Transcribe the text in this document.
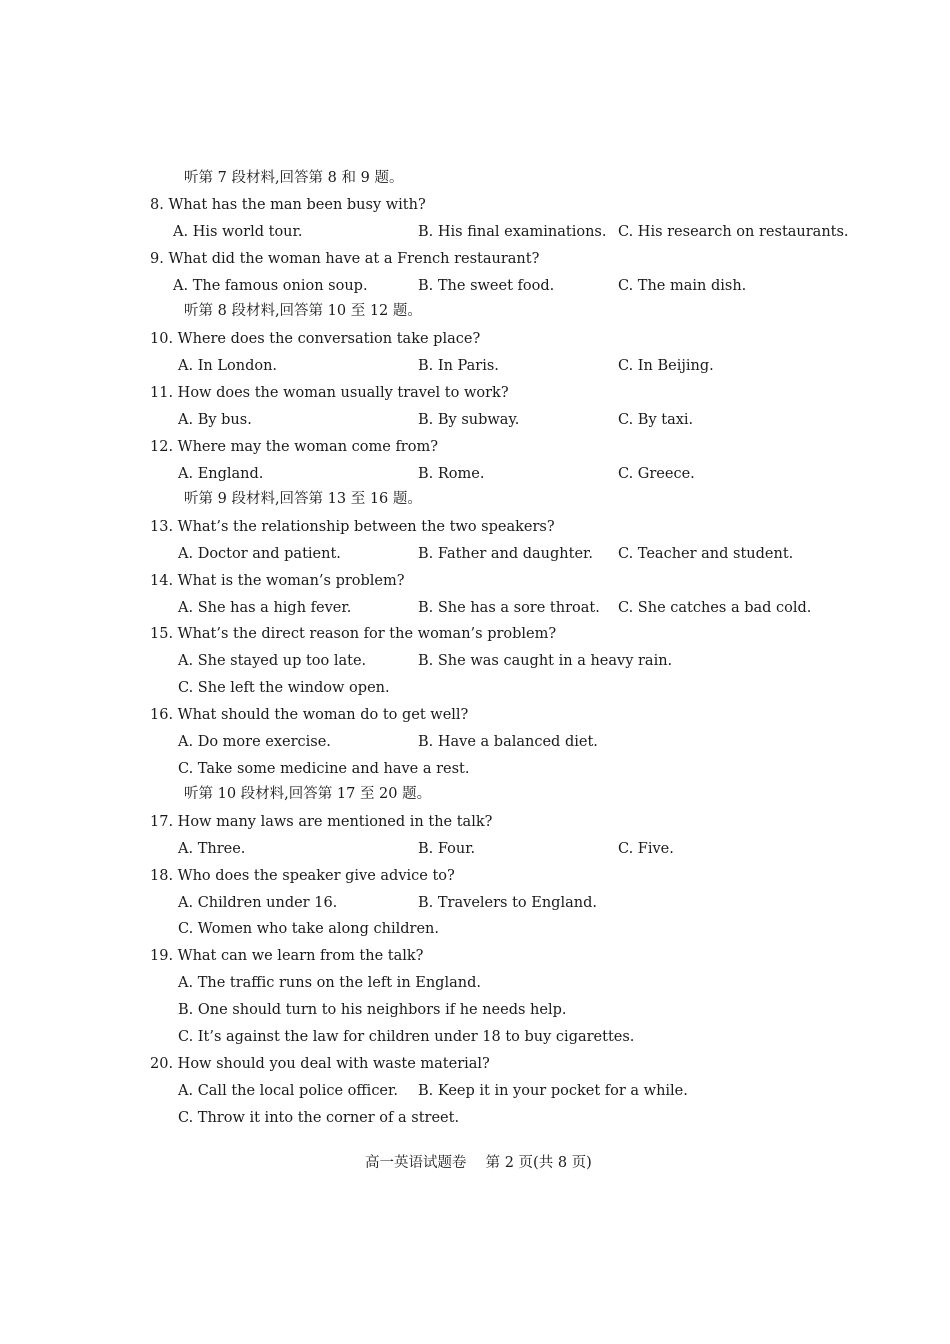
听第 7 段材料,回答第 8 和 9 题。
8. What has the man been busy with?
A. His world tour.	B. His final examinations. C. His research on restaurants.
9. What did the woman have at a French restaurant?
A. The famous onion soup.	B. The sweet food.	C. The main dish.
听第 8 段材料,回答第 10 至 12 题。
10. Where does the conversation take place?
A. In London.	B. In Paris.	C. In Beijing.
11. How does the woman usually travel to work?
A. By bus.	B. By subway.	C. By taxi.
12. Where may the woman come from?
A. England.	B. Rome.	C. Greece.
听第 9 段材料,回答第 13 至 16 题。
13. What’s the relationship between the two speakers?
A. Doctor and patient.	B. Father and daughter. C. Teacher and student.
14. What is the woman’s problem?
A. She has a high fever.	B. She has a sore throat. C. She catches a bad cold.
15. What’s the direct reason for the woman’s problem?
A. She stayed up too late.	B. She was caught in a heavy rain.
C. She left the window open.
16. What should the woman do to get well?
A. Do more exercise.	B. Have a balanced diet.
C. Take some medicine and have a rest.
听第 10 段材料,回答第 17 至 20 题。
17. How many laws are mentioned in the talk?
A. Three.	B. Four.	C. Five.
18. Who does the speaker give advice to?
A. Children under 16.	B. Travelers to England.
C. Women who take along children.
19. What can we learn from the talk?
A. The traffic runs on the left in England.
B. One should turn to his neighbors if he needs help.
C. It’s against the law for children under 18 to buy cigarettes.
20. How should you deal with waste material?
A. Call the local police officer. B. Keep it in your pocket for a while.
C. Throw it into the corner of a street.
高一英语试题卷　 第 2 页(共 8 页)
